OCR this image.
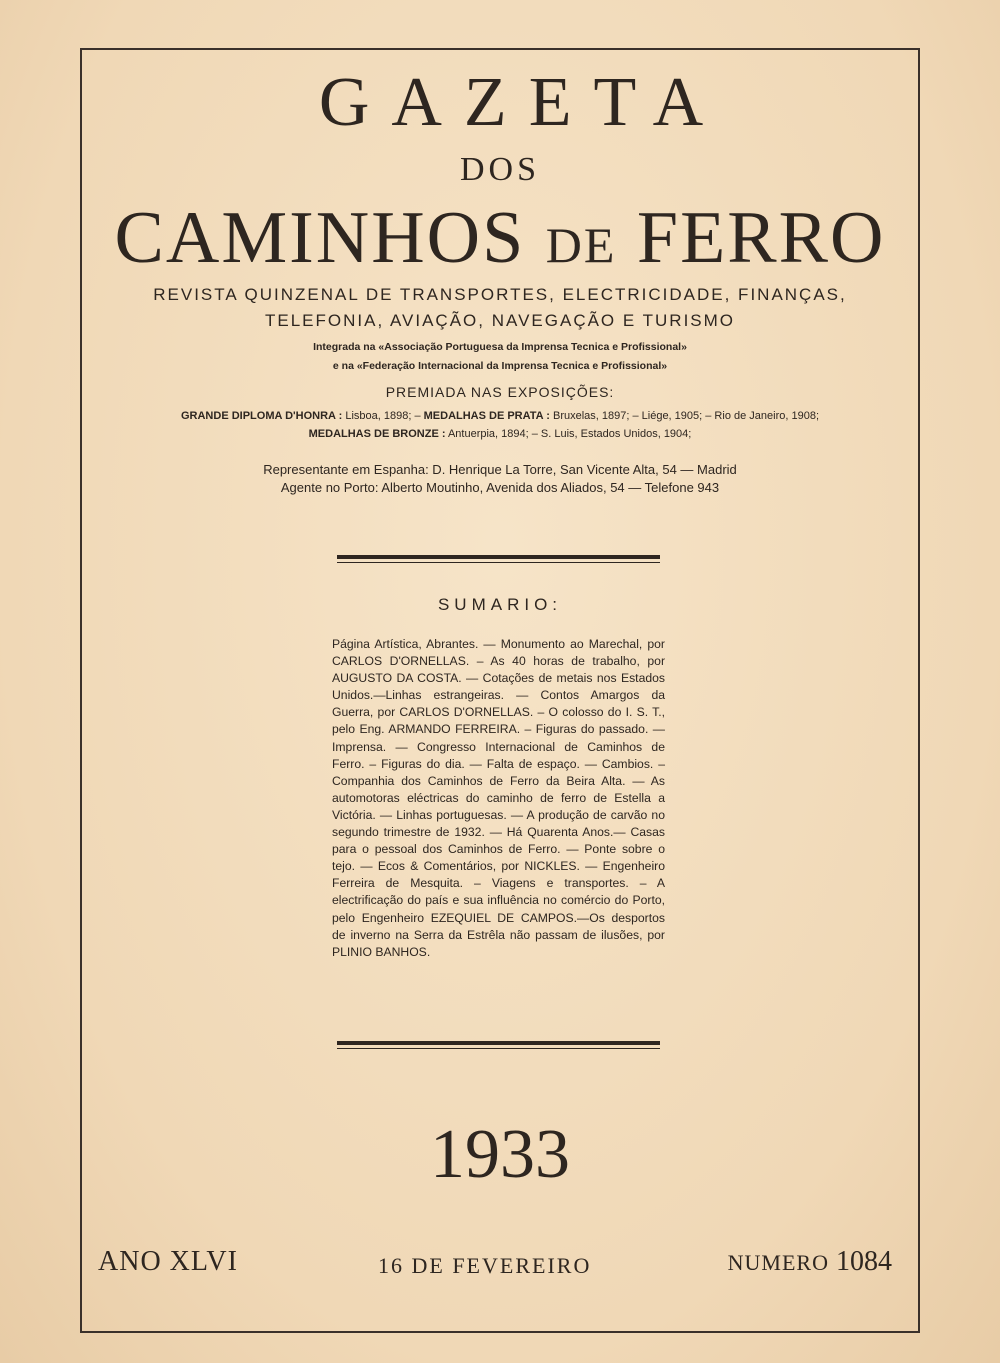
GAZETA
DOS
CAMINHOS DE FERRO
REVISTA QUINZENAL DE TRANSPORTES, ELECTRICIDADE, FINANÇAS,
TELEFONIA, AVIAÇÃO, NAVEGAÇÃO E TURISMO
Integrada na «Associação Portuguesa da Imprensa Tecnica e Profissional»
e na «Federação Internacional da Imprensa Tecnica e Profissional»
PREMIADA NAS EXPOSIÇÕES:
GRANDE DIPLOMA D'HONRA : Lisboa, 1898; – MEDALHAS DE PRATA : Bruxelas, 1897; – Liége, 1905; – Rio de Janeiro, 1908;
MEDALHAS DE BRONZE : Antuerpia, 1894; – S. Luis, Estados Unidos, 1904;
Representante em Espanha: D. Henrique La Torre, San Vicente Alta, 54 — Madrid
Agente no Porto: Alberto Moutinho, Avenida dos Aliados, 54 — Telefone 943
SUMARIO:
Página Artística, Abrantes. — Monumento ao Marechal, por CARLOS D'ORNELLAS. – As 40 horas de trabalho, por AUGUSTO DA COSTA. — Cotações de metais nos Estados Unidos.—Linhas estrangeiras. — Contos Amargos da Guerra, por CARLOS D'ORNELLAS. – O colosso do I. S. T., pelo Eng. ARMANDO FERREIRA. – Figuras do passado. — Imprensa. — Congresso Internacional de Caminhos de Ferro. – Figuras do dia. — Falta de espaço. — Cambios. – Companhia dos Caminhos de Ferro da Beira Alta. — As automotoras eléctricas do caminho de ferro de Estella a Victória. — Linhas portuguesas. — A produção de carvão no segundo trimestre de 1932. — Há Quarenta Anos.— Casas para o pessoal dos Caminhos de Ferro. — Ponte sobre o tejo. — Ecos & Comentários, por NICKLES. — Engenheiro Ferreira de Mesquita. – Viagens e transportes. – A electrificação do país e sua influência no comércio do Porto, pelo Engenheiro EZEQUIEL DE CAMPOS.—Os desportos de inverno na Serra da Estrêla não passam de ilusões, por PLINIO BANHOS.
1933
ANO XLVI	16 DE FEVEREIRO	NUMERO 1084
